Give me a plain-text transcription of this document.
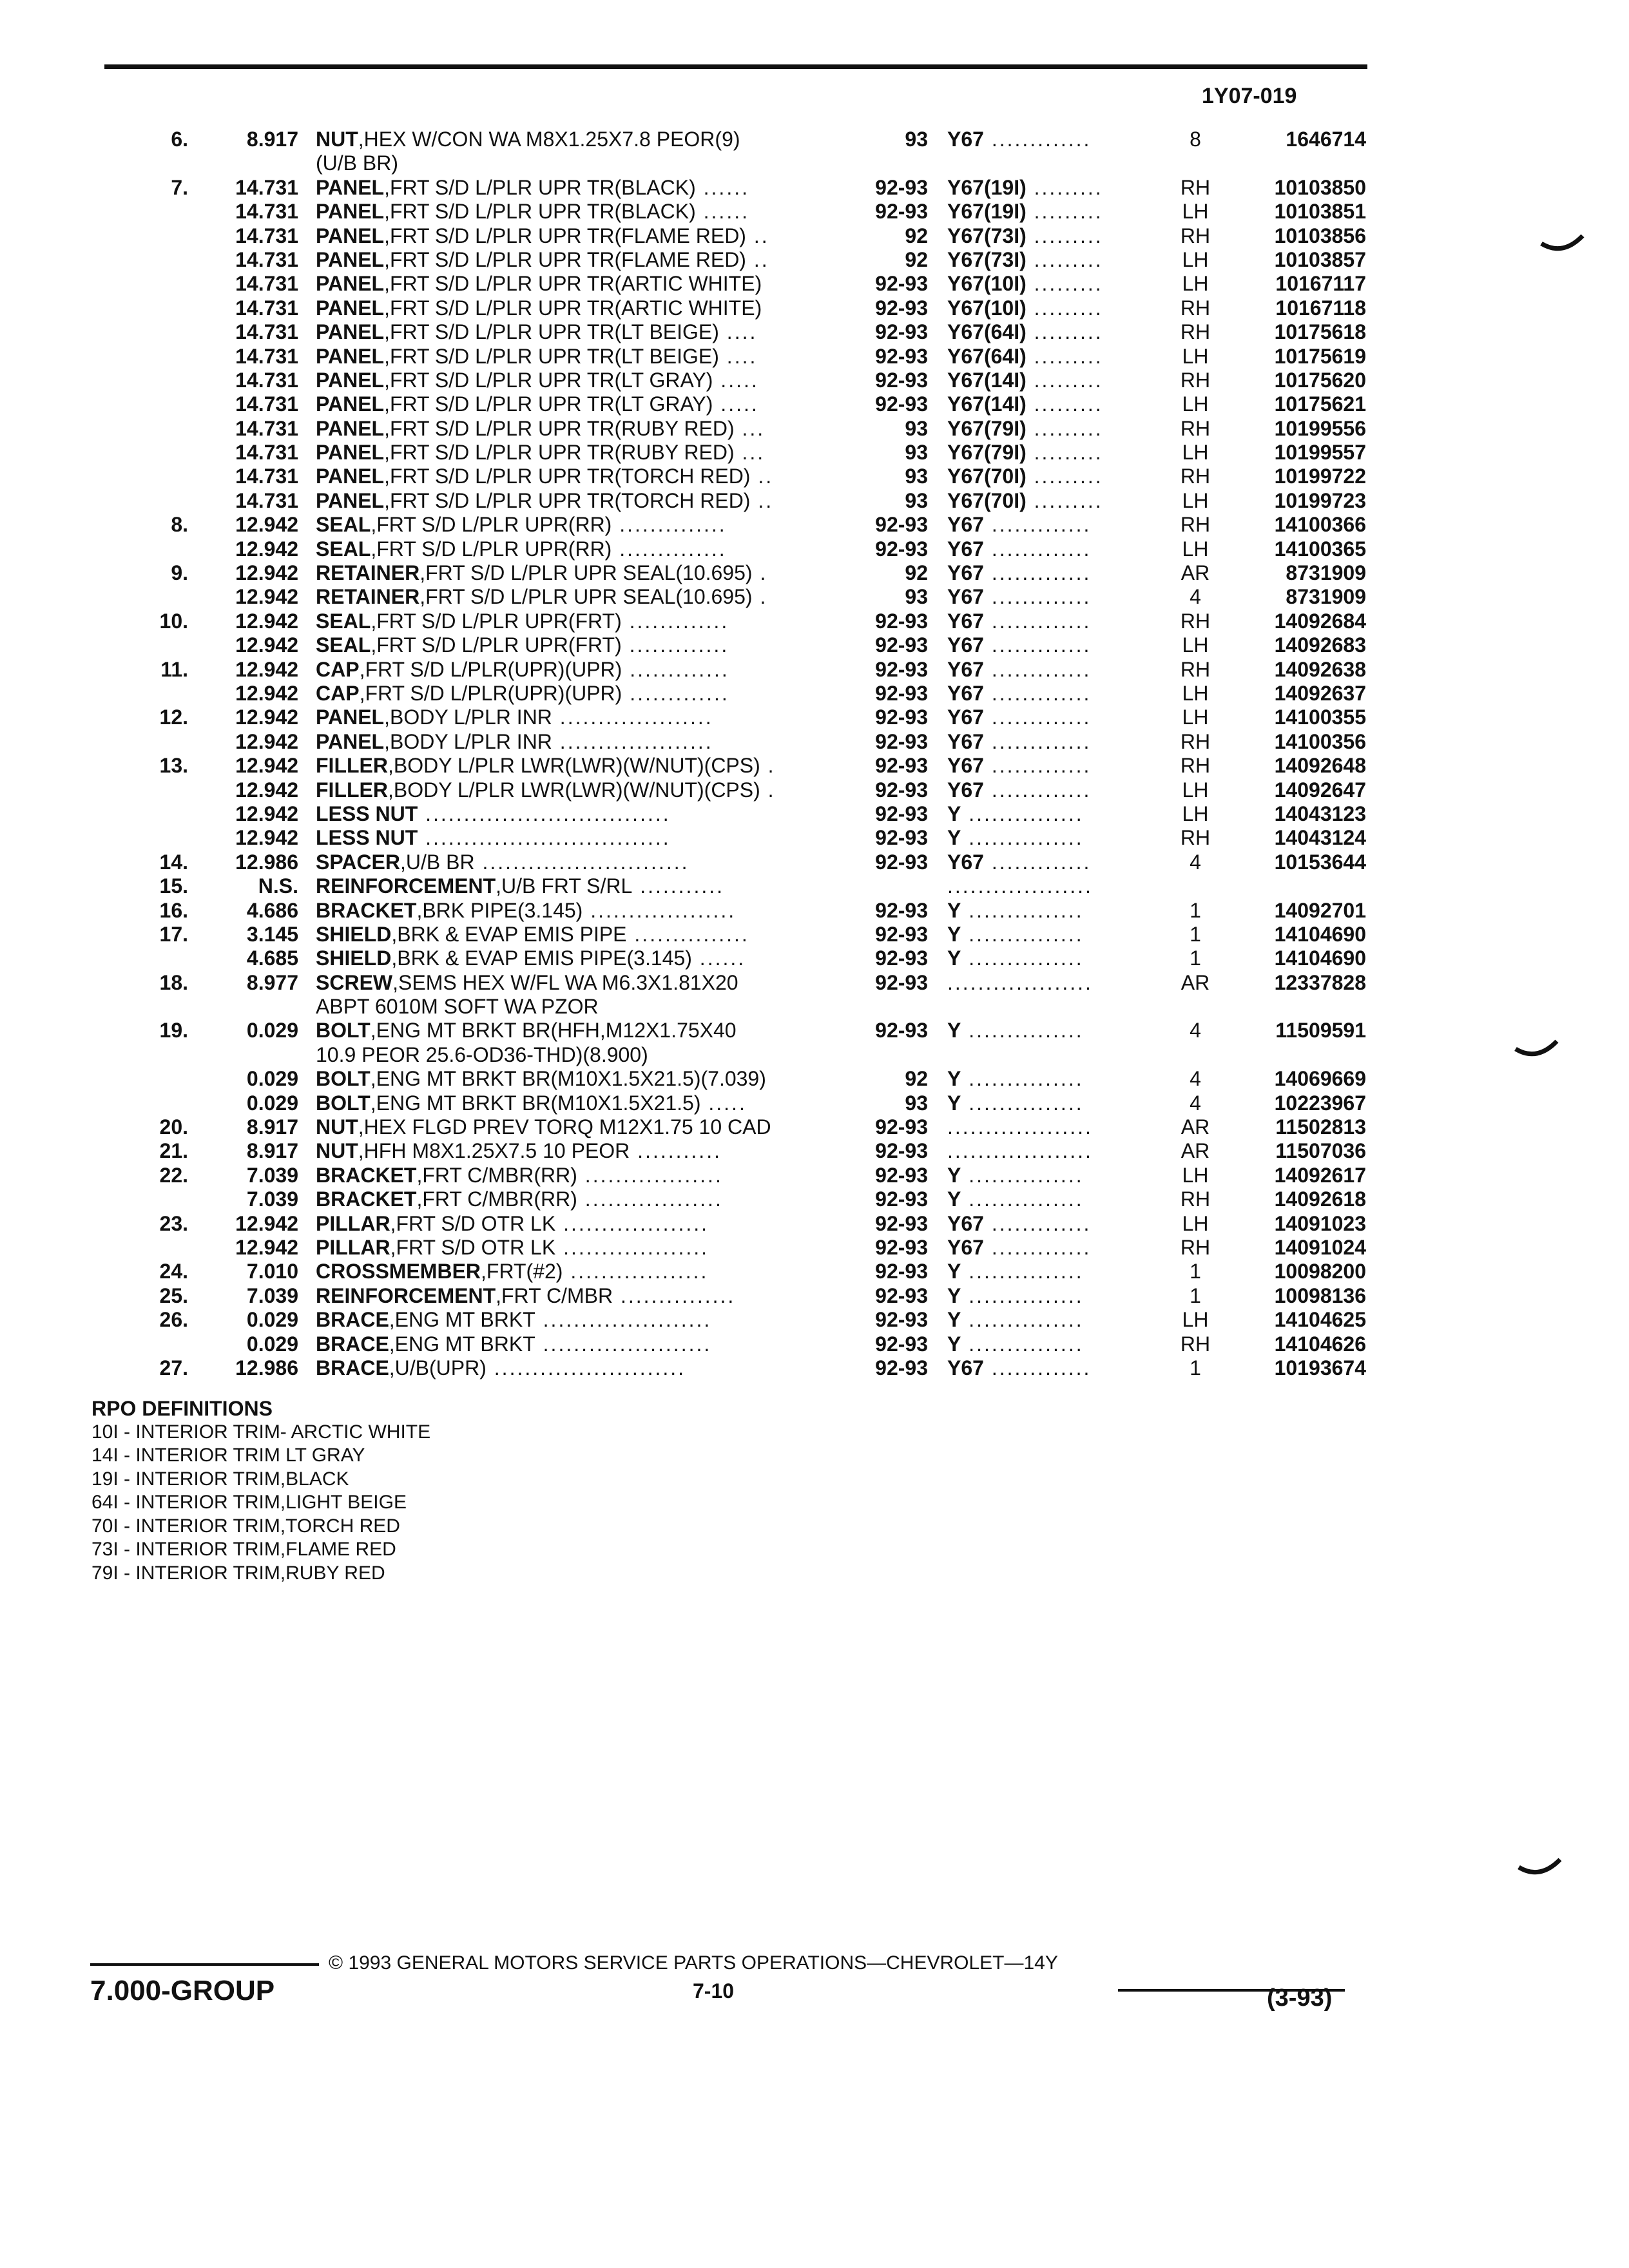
1Y07-019
6.	8.917 NUT,HEX W/CON WA M8X1.25X7.8 PEOR(9)
(U/B BR)
93 Y67 .............	8	1646714
7.	14.731 PANEL,FRT S/D L/PLR UPR TR(BLACK) ......	92-93 Y67(19I) .........	RH	10103850
14.731 PANEL,FRT S/D L/PLR UPR TR(BLACK) ......	92-93 Y67(19I) .........	LH	10103851
14.731 PANEL,FRT S/D L/PLR UPR TR(FLAME RED) ..	92 Y67(73I) .........	RH	10103856
14.731 PANEL,FRT S/D L/PLR UPR TR(FLAME RED) ..	92 Y67(73I) .........	LH	10103857
14.731 PANEL,FRT S/D L/PLR UPR TR(ARTIC WHITE)	92-93 Y67(10I) .........	LH	10167117
14.731 PANEL,FRT S/D L/PLR UPR TR(ARTIC WHITE)	92-93 Y67(10I) .........	RH	10167118
14.731 PANEL,FRT S/D L/PLR UPR TR(LT BEIGE) ....	92-93 Y67(64I) .........	RH	10175618
14.731 PANEL,FRT S/D L/PLR UPR TR(LT BEIGE) ....	92-93 Y67(64I) .........	LH	10175619
14.731 PANEL,FRT S/D L/PLR UPR TR(LT GRAY) .....	92-93 Y67(14I) .........	RH	10175620
14.731 PANEL,FRT S/D L/PLR UPR TR(LT GRAY) .....	92-93 Y67(14I) .........	LH	10175621
14.731 PANEL,FRT S/D L/PLR UPR TR(RUBY RED) ...	93 Y67(79I) .........	RH	10199556
14.731 PANEL,FRT S/D L/PLR UPR TR(RUBY RED) ...	93 Y67(79I) .........	LH	10199557
14.731 PANEL,FRT S/D L/PLR UPR TR(TORCH RED) ..	93 Y67(70I) .........	RH	10199722
14.731 PANEL,FRT S/D L/PLR UPR TR(TORCH RED) ..	93 Y67(70I) .........	LH	10199723
8.	12.942 SEAL,FRT S/D L/PLR UPR(RR) ..............	92-93 Y67 .............	RH	14100366
12.942 SEAL,FRT S/D L/PLR UPR(RR) ..............	92-93 Y67 .............	LH	14100365
9.	12.942 RETAINER,FRT S/D L/PLR UPR SEAL(10.695) .	92 Y67 .............	AR	8731909
12.942 RETAINER,FRT S/D L/PLR UPR SEAL(10.695) .	93 Y67 .............	4	8731909
10.	12.942 SEAL,FRT S/D L/PLR UPR(FRT) .............	92-93 Y67 .............	RH	14092684
12.942 SEAL,FRT S/D L/PLR UPR(FRT) .............	92-93 Y67 .............	LH	14092683
11.	12.942 CAP,FRT S/D L/PLR(UPR)(UPR) .............	92-93 Y67 .............	RH	14092638
12.942 CAP,FRT S/D L/PLR(UPR)(UPR) .............	92-93 Y67 .............	LH	14092637
12.	12.942 PANEL,BODY L/PLR INR ....................	92-93 Y67 .............	LH	14100355
12.942 PANEL,BODY L/PLR INR ....................	92-93 Y67 .............	RH	14100356
13.	12.942 FILLER,BODY L/PLR LWR(LWR)(W/NUT)(CPS) .	92-93 Y67 .............	RH	14092648
12.942 FILLER,BODY L/PLR LWR(LWR)(W/NUT)(CPS) .	92-93 Y67 .............	LH	14092647
12.942 LESS NUT ................................	92-93 Y ...............	LH	14043123
12.942 LESS NUT ................................	92-93 Y ...............	RH	14043124
14.	12.986 SPACER,U/B BR ...........................	92-93 Y67 .............	4	10153644
15.	N.S. REINFORCEMENT,U/B FRT S/RL ...........	...................
16.	4.686 BRACKET,BRK PIPE(3.145) ...................	92-93 Y ...............	1	14092701
17.	3.145 SHIELD,BRK & EVAP EMIS PIPE ...............	92-93 Y ...............	1	14104690
4.685 SHIELD,BRK & EVAP EMIS PIPE(3.145) ......	92-93 Y ...............	1	14104690
18.	8.977 SCREW,SEMS HEX W/FL WA M6.3X1.81X20
ABPT 6010M SOFT WA PZOR
92-93 ...................	AR	12337828
19.	0.029 BOLT,ENG MT BRKT BR(HFH,M12X1.75X40
10.9 PEOR 25.6-OD36-THD)(8.900)
92-93 Y ...............	4	11509591
0.029 BOLT,ENG MT BRKT BR(M10X1.5X21.5)(7.039)	92 Y ...............	4	14069669
0.029 BOLT,ENG MT BRKT BR(M10X1.5X21.5) .....	93 Y ...............	4	10223967
20.	8.917 NUT,HEX FLGD PREV TORQ M12X1.75 10 CAD	92-93 ...................	AR	11502813
21.	8.917 NUT,HFH M8X1.25X7.5 10 PEOR ...........	92-93 ...................	AR	11507036
22.	7.039 BRACKET,FRT C/MBR(RR) ..................	92-93 Y ...............	LH	14092617
7.039 BRACKET,FRT C/MBR(RR) ..................	92-93 Y ...............	RH	14092618
23.	12.942 PILLAR,FRT S/D OTR LK ...................	92-93 Y67 .............	LH	14091023
12.942 PILLAR,FRT S/D OTR LK ...................	92-93 Y67 .............	RH	14091024
24.	7.010 CROSSMEMBER,FRT(#2) ..................	92-93 Y ...............	1	10098200
25.	7.039 REINFORCEMENT,FRT C/MBR ...............	92-93 Y ...............	1	10098136
26.	0.029 BRACE,ENG MT BRKT ......................	92-93 Y ...............	LH	14104625
0.029 BRACE,ENG MT BRKT ......................	92-93 Y ...............	RH	14104626
27.	12.986 BRACE,U/B(UPR) .........................	92-93 Y67 .............	1	10193674
RPO DEFINITIONS
10I - INTERIOR TRIM- ARCTIC WHITE
14I - INTERIOR TRIM LT GRAY
19I - INTERIOR TRIM,BLACK
64I - INTERIOR TRIM,LIGHT BEIGE
70I - INTERIOR TRIM,TORCH RED
73I - INTERIOR TRIM,FLAME RED
79I - INTERIOR TRIM,RUBY RED
© 1993 GENERAL MOTORS SERVICE PARTS OPERATIONS—CHEVROLET—14Y
7.000-GROUP	7-10	(3-93)
